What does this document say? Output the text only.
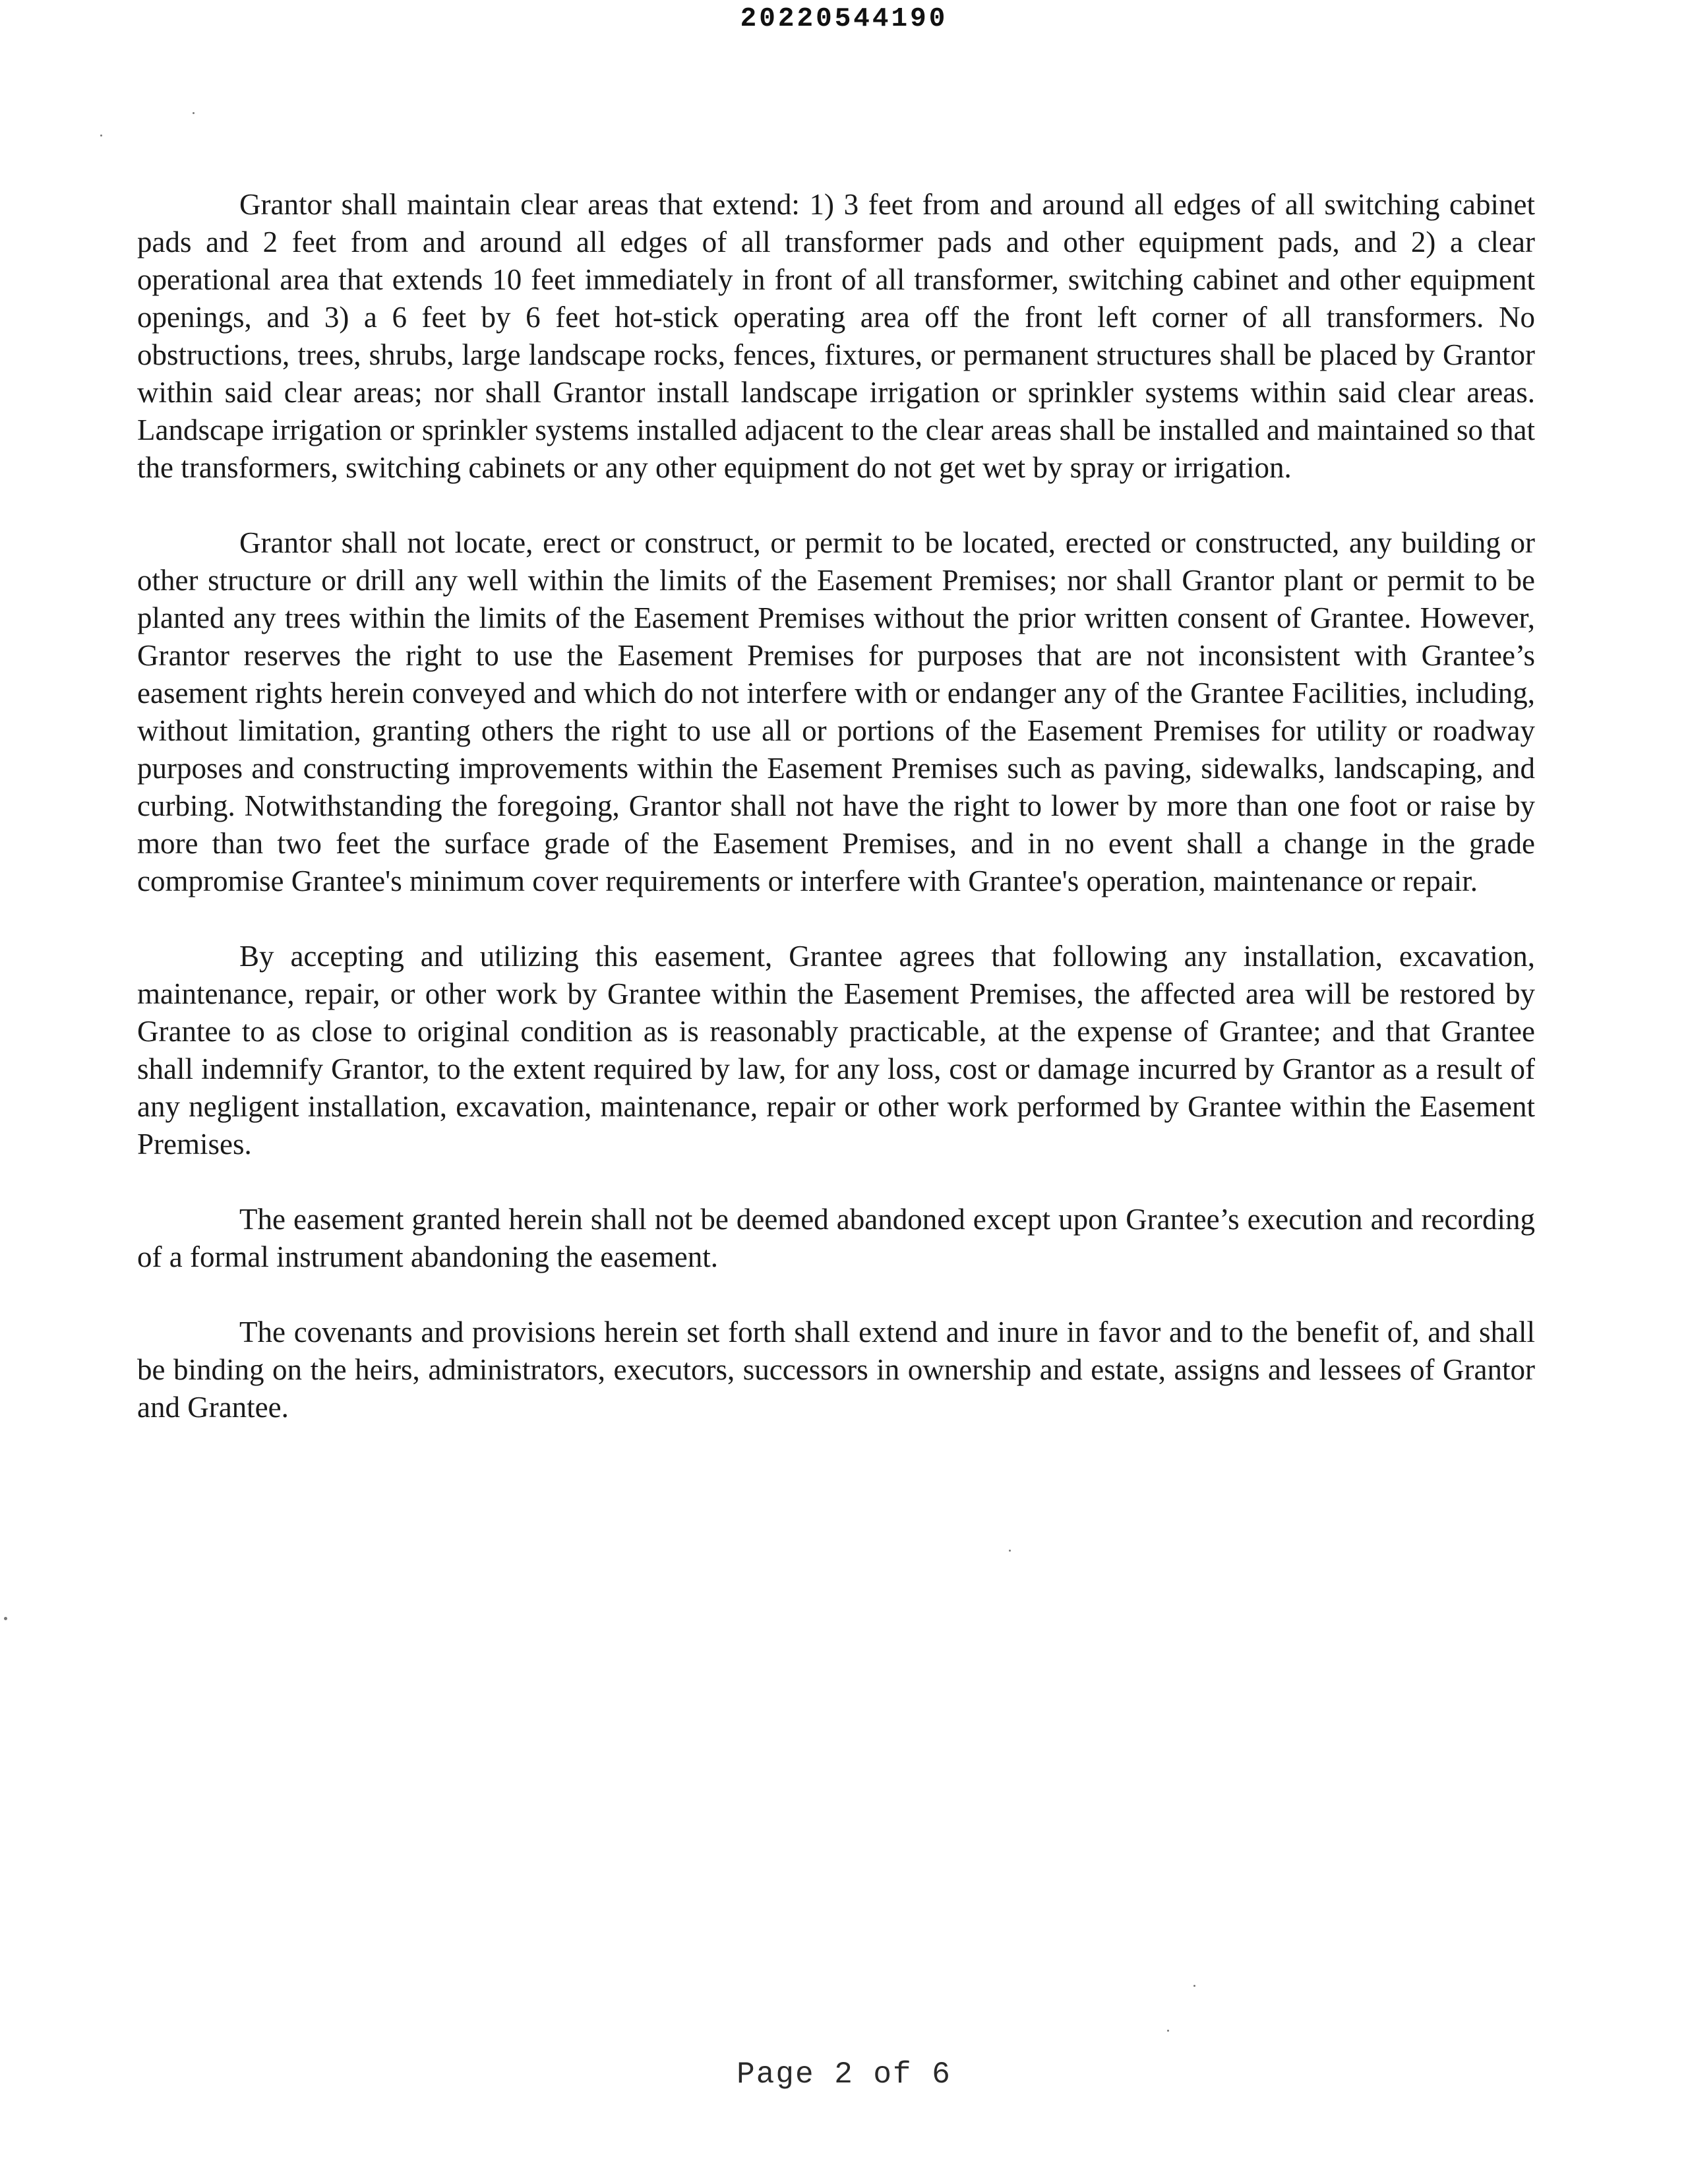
20220544190

Grantor shall maintain clear areas that extend: 1) 3 feet from and around all edges of all switching cabinet pads and 2 feet from and around all edges of all transformer pads and other equipment pads, and 2) a clear operational area that extends 10 feet immediately in front of all transformer, switching cabinet and other equipment openings, and 3) a 6 feet by 6 feet hot-stick operating area off the front left corner of all transformers. No obstructions, trees, shrubs, large landscape rocks, fences, fixtures, or permanent structures shall be placed by Grantor within said clear areas; nor shall Grantor install landscape irrigation or sprinkler systems within said clear areas. Landscape irrigation or sprinkler systems installed adjacent to the clear areas shall be installed and maintained so that the transformers, switching cabinets or any other equipment do not get wet by spray or irrigation.

Grantor shall not locate, erect or construct, or permit to be located, erected or constructed, any building or other structure or drill any well within the limits of the Easement Premises; nor shall Grantor plant or permit to be planted any trees within the limits of the Easement Premises without the prior written consent of Grantee. However, Grantor reserves the right to use the Easement Premises for purposes that are not inconsistent with Grantee’s easement rights herein conveyed and which do not interfere with or endanger any of the Grantee Facilities, including, without limitation, granting others the right to use all or portions of the Easement Premises for utility or roadway purposes and constructing improvements within the Easement Premises such as paving, sidewalks, landscaping, and curbing. Notwithstanding the foregoing, Grantor shall not have the right to lower by more than one foot or raise by more than two feet the surface grade of the Easement Premises, and in no event shall a change in the grade compromise Grantee's minimum cover requirements or interfere with Grantee's operation, maintenance or repair.

By accepting and utilizing this easement, Grantee agrees that following any installation, excavation, maintenance, repair, or other work by Grantee within the Easement Premises, the affected area will be restored by Grantee to as close to original condition as is reasonably practicable, at the expense of Grantee; and that Grantee shall indemnify Grantor, to the extent required by law, for any loss, cost or damage incurred by Grantor as a result of any negligent installation, excavation, maintenance, repair or other work performed by Grantee within the Easement Premises.

The easement granted herein shall not be deemed abandoned except upon Grantee’s execution and recording of a formal instrument abandoning the easement.

The covenants and provisions herein set forth shall extend and inure in favor and to the benefit of, and shall be binding on the heirs, administrators, executors, successors in ownership and estate, assigns and lessees of Grantor and Grantee.

Page 2 of 6
